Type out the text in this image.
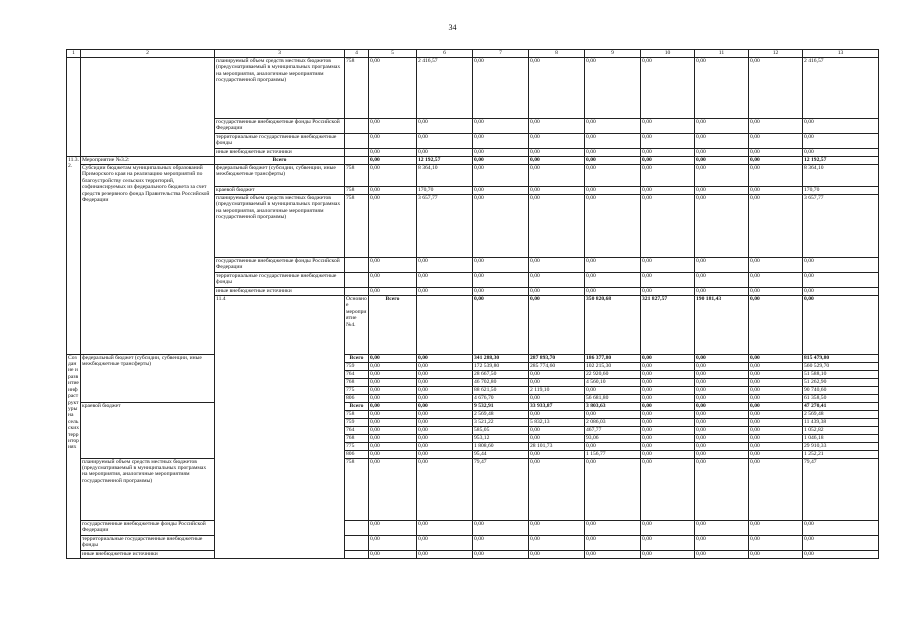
34
1	2	3	4	5	6	7	8	9	10	11	12	13	
		планируемый объем средств местных бюджетов (предусматриваемый в муниципальных программах на мероприятия, аналогичные мероприятиям государственной программы)	758	0,00	2 416,57	0,00	0,00	0,00	0,00	0,00	0,00	2 416,57	
		государственные внебюджетные фонды Российской Федерации		0,00	0,00	0,00	0,00	0,00	0,00	0,00	0,00	0,00	
		территориальные государственные внебюджетные фонды		0,00	0,00	0,00	0,00	0,00	0,00	0,00	0,00	0,00	
		иные внебюджетные источники		0,00	0,00	0,00	0,00	0,00	0,00	0,00	0,00	0,00	
11.3.2.	Мероприятие №3.2:	Всего		0,00	12 192,57	0,00	0,00	0,00	0,00	0,00	0,00	12 192,57	
	Субсидии бюджетам муниципальных образований Приморского края на реализацию мероприятий по благоустройству сельских территорий, софинансируемых из федерального бюджета за счет средств резервного фонда Правительства Российской Федерации	федеральный бюджет (субсидии, субвенции, иные межбюджетные трансферты)	758	0,00	8 364,10	0,00	0,00	0,00	0,00	0,00	0,00	8 364,10	
		краевой бюджет	758	0,00	170,70	0,00	0,00	0,00	0,00	0,00	0,00	170,70	
		планируемый объем средств местных бюджетов (предусматриваемый в муниципальных программах на мероприятия, аналогичные мероприятиям государственной программы)	758	0,00	3 657,77	0,00	0,00	0,00	0,00	0,00	0,00	3 657,77	
		государственные внебюджетные фонды Российской Федерации		0,00	0,00	0,00	0,00	0,00	0,00	0,00	0,00	0,00	
		территориальные государственные внебюджетные фонды		0,00	0,00	0,00	0,00	0,00	0,00	0,00	0,00	0,00	
		иные внебюджетные источники		0,00	0,00	0,00	0,00	0,00	0,00	0,00	0,00	0,00	
		11.4	Основное мероприятие №4.	Всего		0,00	0,00	350 820,68	321 827,57	190 181,43	0,00	0,00		
Создание и развитие инфраструктуры на сельских территориях	федеральный бюджет (субсидии, субвенции, иные межбюджетные трансферты)		Всего	0,00	0,00	341 288,30	287 893,70	186 377,80	0,00	0,00	0,00	815 479,80	
			759	0,00	0,00	172 539,80	285 774,60	102 215,30	0,00	0,00	0,00	560 529,70	
			764	0,00	0,00	28 667,50	0,00	22 920,60	0,00	0,00	0,00	51 588,10	
			768	0,00	0,00	46 702,80	0,00	4 560,10	0,00	0,00	0,00	51 262,90	
			775	0,00	0,00	88 621,50	2 119,10	0,00	0,00	0,00	0,00	90 740,60	
			806	0,00	0,00	4 676,70	0,00	56 681,80	0,00	0,00	0,00	61 358,50	
	краевой бюджет		Всего	0,00	0,00	9 532,91	33 933,87	3 803,63	0,00	0,00	0,00	47 270,41	
			758	0,00	0,00	2 569,48	0,00	0,00	0,00	0,00	0,00	2 569,48	
			759	0,00	0,00	3 521,22	5 832,13	2 086,03	0,00	0,00	0,00	11 439,38	
			764	0,00	0,00	585,05	0,00	467,77	0,00	0,00	0,00	1 052,82	
			768	0,00	0,00	953,12	0,00	93,06	0,00	0,00	0,00	1 046,18	
			775	0,00	0,00	1 808,60	28 101,73	0,00	0,00	0,00	0,00	29 910,33	
			806	0,00	0,00	95,44	0,00	1 156,77	0,00	0,00	0,00	1 252,21	
	планируемый объем средств местных бюджетов (предусматриваемый в муниципальных программах на мероприятия, аналогичные мероприятиям государственной программы)		758	0,00	0,00	79,47	0,00	0,00	0,00	0,00	0,00	79,47	
	государственные внебюджетные фонды Российской Федерации			0,00	0,00	0,00	0,00	0,00	0,00	0,00	0,00	0,00	
	территориальные государственные внебюджетные фонды			0,00	0,00	0,00	0,00	0,00	0,00	0,00	0,00	0,00	
	иные внебюджетные источники			0,00	0,00	0,00	0,00	0,00	0,00	0,00	0,00	0,00	
